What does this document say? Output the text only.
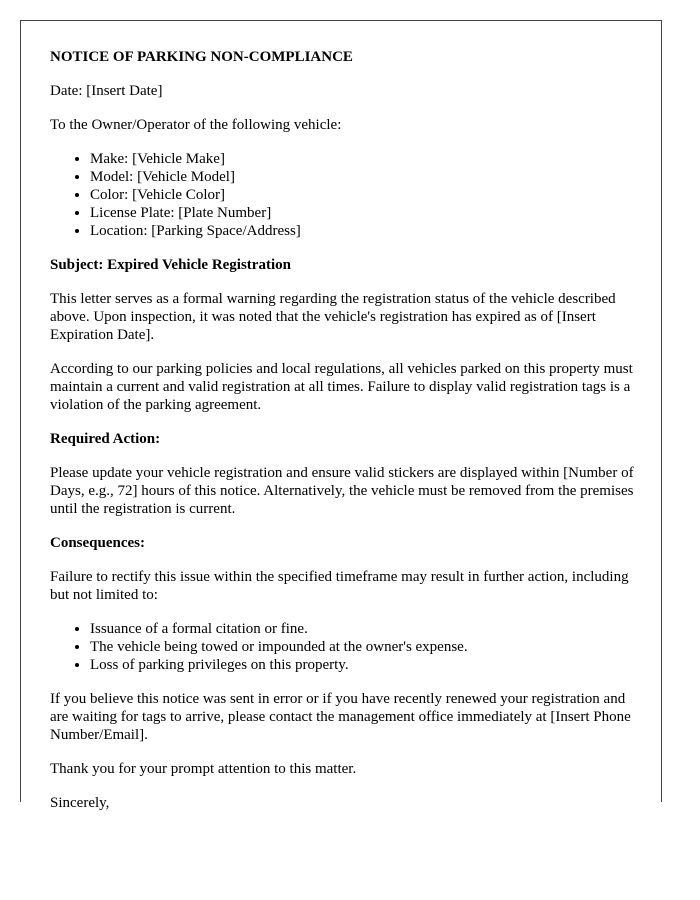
NOTICE OF PARKING NON-COMPLIANCE

Date: [Insert Date]

To the Owner/Operator of the following vehicle:

• Make: [Vehicle Make]
• Model: [Vehicle Model]
• Color: [Vehicle Color]
• License Plate: [Plate Number]
• Location: [Parking Space/Address]

Subject: Expired Vehicle Registration

This letter serves as a formal warning regarding the registration status of the vehicle described above. Upon inspection, it was noted that the vehicle's registration has expired as of [Insert Expiration Date].

According to our parking policies and local regulations, all vehicles parked on this property must maintain a current and valid registration at all times. Failure to display valid registration tags is a violation of the parking agreement.

Required Action:

Please update your vehicle registration and ensure valid stickers are displayed within [Number of Days, e.g., 72] hours of this notice. Alternatively, the vehicle must be removed from the premises until the registration is current.

Consequences:

Failure to rectify this issue within the specified timeframe may result in further action, including but not limited to:

• Issuance of a formal citation or fine.
• The vehicle being towed or impounded at the owner's expense.
• Loss of parking privileges on this property.

If you believe this notice was sent in error or if you have recently renewed your registration and are waiting for tags to arrive, please contact the management office immediately at [Insert Phone Number/Email].

Thank you for your prompt attention to this matter.

Sincerely,
